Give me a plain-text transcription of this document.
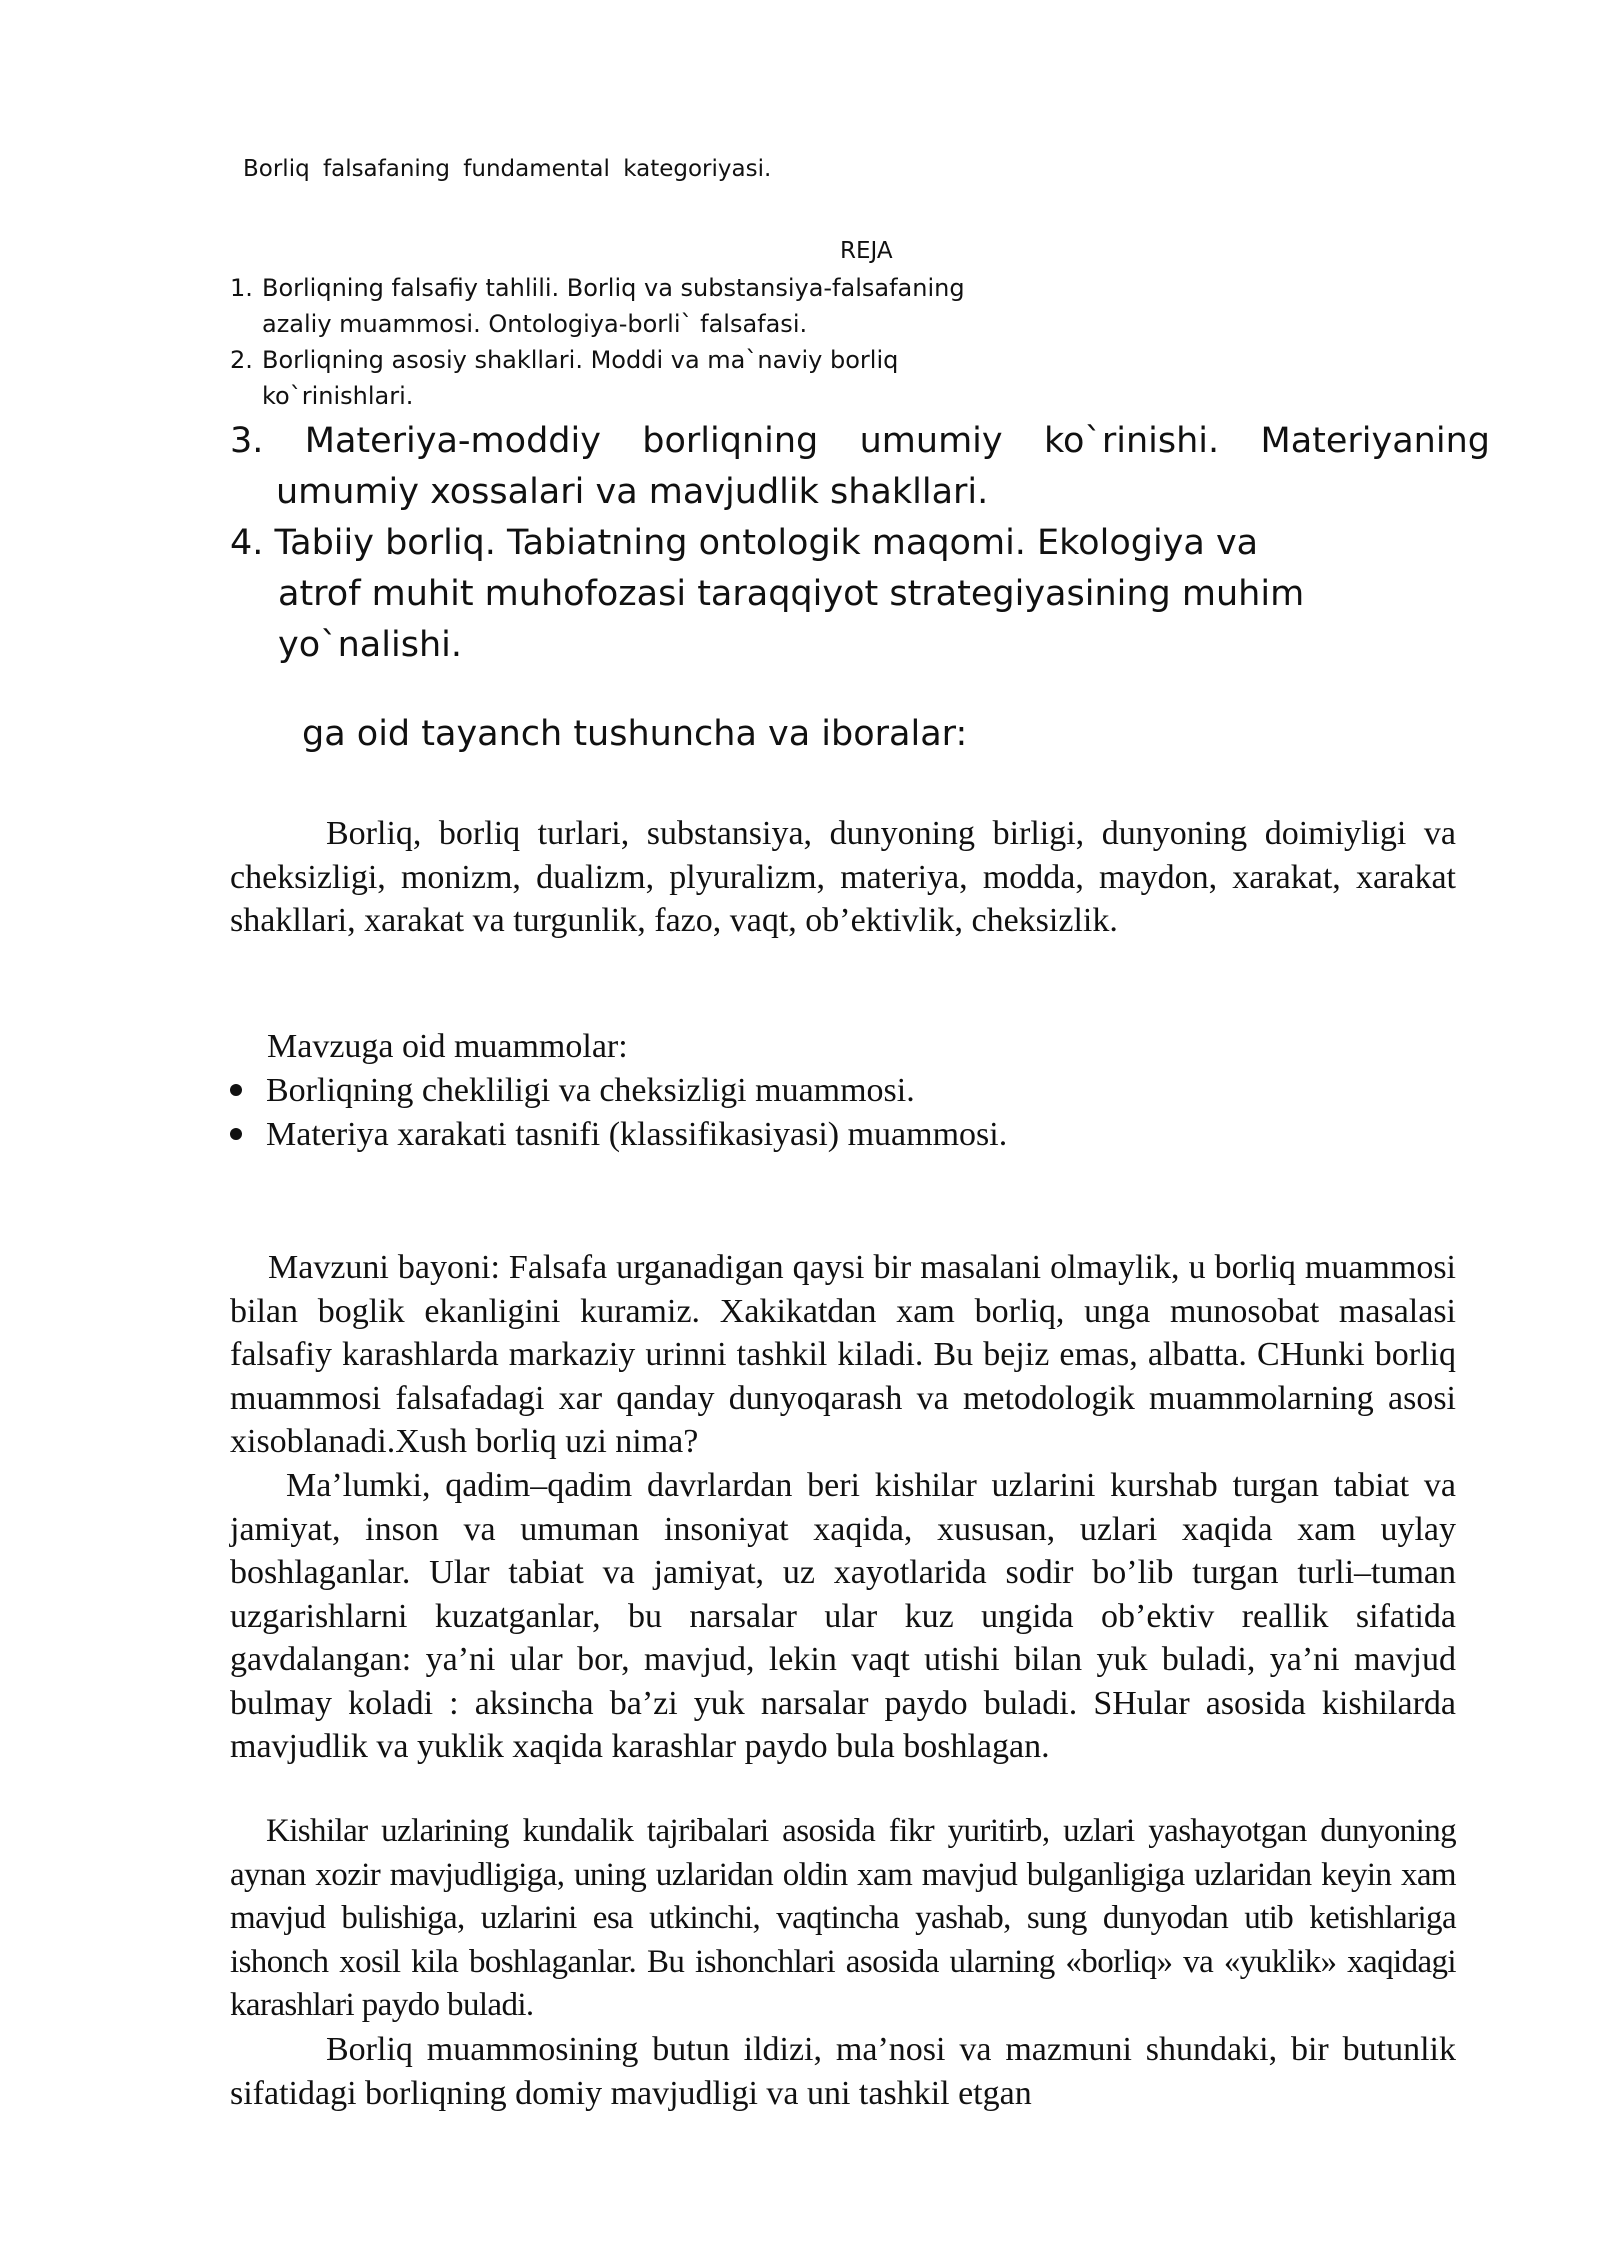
Borliq falsafaning fundamental kategoriyasi.
REJA
1. Borliqning falsafiy tahlili. Borliq va substansiya-falsafaning
azaliy muammosi. Ontologiya-borli` falsafasi.
2. Borliqning asosiy shakllari. Moddi va ma`naviy borliq
ko`rinishlari.
3. Materiya-moddiy borliqning umumiy ko`rinishi. Materiyaning
umumiy xossalari va mavjudlik shakllari.
4. Tabiiy borliq. Tabiatning ontologik maqomi. Ekologiya va
atrof muhit muhofozasi taraqqiyot strategiyasining muhim
yo`nalishi.
ga oid tayanch tushuncha va iboralar:
Borliq, borliq turlari, substansiya, dunyoning birligi, dunyoning doimiyligi va cheksizligi, monizm, dualizm, plyuralizm, materiya, modda, maydon, xarakat, xarakat shakllari, xarakat va turgunlik, fazo, vaqt, ob’ektivlik, cheksizlik.
Mavzuga oid muammolar:
Borliqning chekliligi va cheksizligi muammosi.
Materiya xarakati tasnifi (klassifikasiyasi) muammosi.
Mavzuni bayoni: Falsafa urganadigan qaysi bir masalani olmaylik, u borliq muammosi bilan boglik ekanligini kuramiz. Xakikatdan xam borliq, unga munosobat masalasi falsafiy karashlarda markaziy urinni tashkil kiladi. Bu bejiz emas, albatta. CHunki borliq muammosi falsafadagi xar qanday dunyoqarash va metodologik muammolarning asosi xisoblanadi.Xush borliq uzi nima?
Ma’lumki, qadim–qadim davrlardan beri kishilar uzlarini kurshab turgan tabiat va jamiyat, inson va umuman insoniyat xaqida, xususan, uzlari xaqida xam uylay boshlaganlar. Ular tabiat va jamiyat, uz xayotlarida sodir bo’lib turgan turli–tuman uzgarishlarni kuzatganlar, bu narsalar ular kuz ungida ob’ektiv reallik sifatida gavdalangan: ya’ni ular bor, mavjud, lekin vaqt utishi bilan yuk buladi, ya’ni mavjud bulmay koladi : aksincha ba’zi yuk narsalar paydo buladi. SHular asosida kishilarda mavjudlik va yuklik xaqida karashlar paydo bula boshlagan.
Kishilar uzlarining kundalik tajribalari asosida fikr yuritirb, uzlari yashayotgan dunyoning aynan xozir mavjudligiga, uning uzlaridan oldin xam mavjud bulganligiga uzlaridan keyin xam mavjud bulishiga, uzlarini esa utkinchi, vaqtincha yashab, sung dunyodan utib ketishlariga ishonch xosil kila boshlaganlar. Bu ishonchlari asosida ularning «borliq» va «yuklik» xaqidagi karashlari paydo buladi.
Borliq muammosining butun ildizi, ma’nosi va mazmuni shundaki, bir butunlik sifatidagi borliqning domiy mavjudligi va uni tashkil etgan
